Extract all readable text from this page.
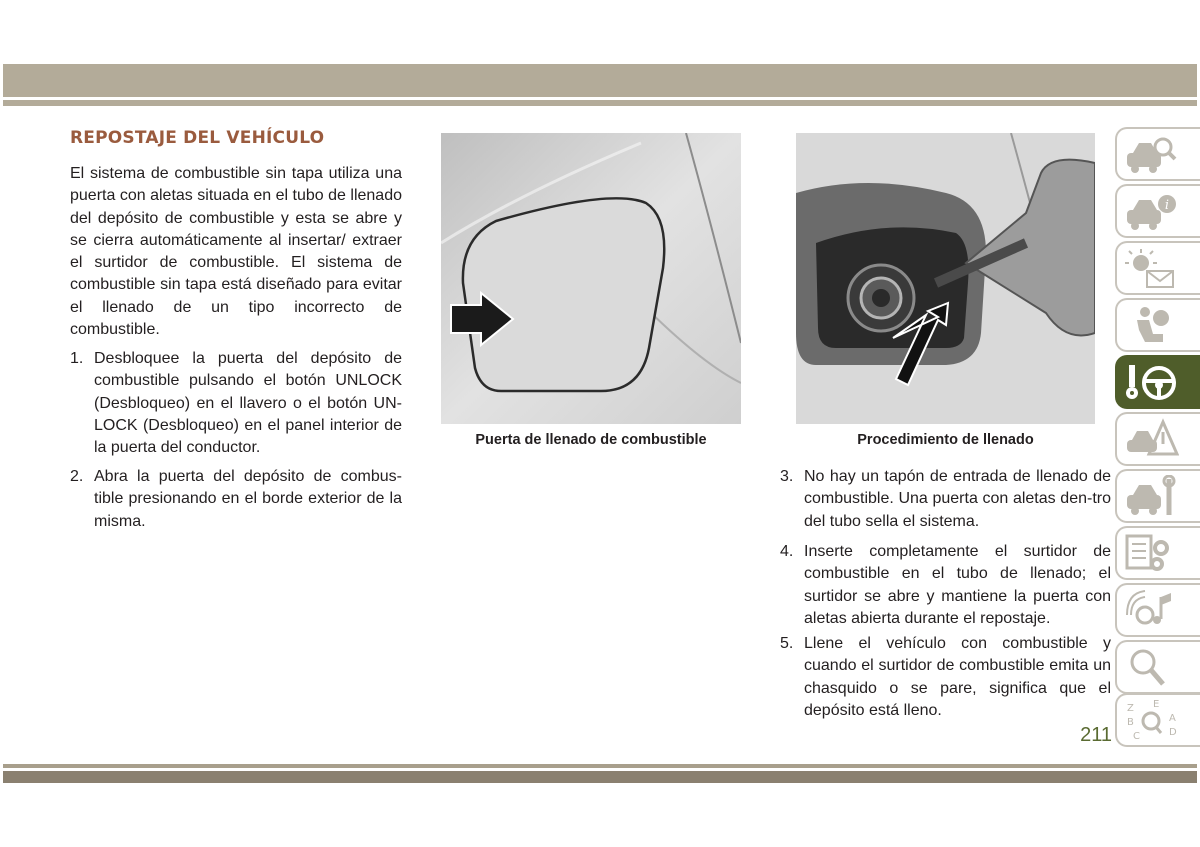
REPOSTAJE DEL VEHÍCULO

El sistema de combustible sin tapa utiliza una puerta con aletas situada en el tubo de llenado del depósito de combustible y esta se abre y se cierra automáticamente al insertar/ extraer el surtidor de combustible. El sistema de combustible sin tapa está diseñado para evitar el llenado de un tipo incorrecto de combustible.

1. Desbloquee la puerta del depósito de combustible pulsando el botón UNLOCK (Desbloqueo) en el llavero o el botón UN-LOCK (Desbloqueo) en el panel interior de la puerta del conductor.
2. Abra la puerta del depósito de combus-tible presionando en el borde exterior de la misma.

Puerta de llenado de combustible	Procedimiento de llenado

3. No hay un tapón de entrada de llenado de combustible. Una puerta con aletas den-tro del tubo sella el sistema.
4. Inserte completamente el surtidor de combustible en el tubo de llenado; el surtidor se abre y mantiene la puerta con aletas abierta durante el repostaje.
5. Llene el vehículo con combustible y cuando el surtidor de combustible emita un chasquido o se pare, significa que el depósito está lleno.
211
i
Z E
B	A
C	D
